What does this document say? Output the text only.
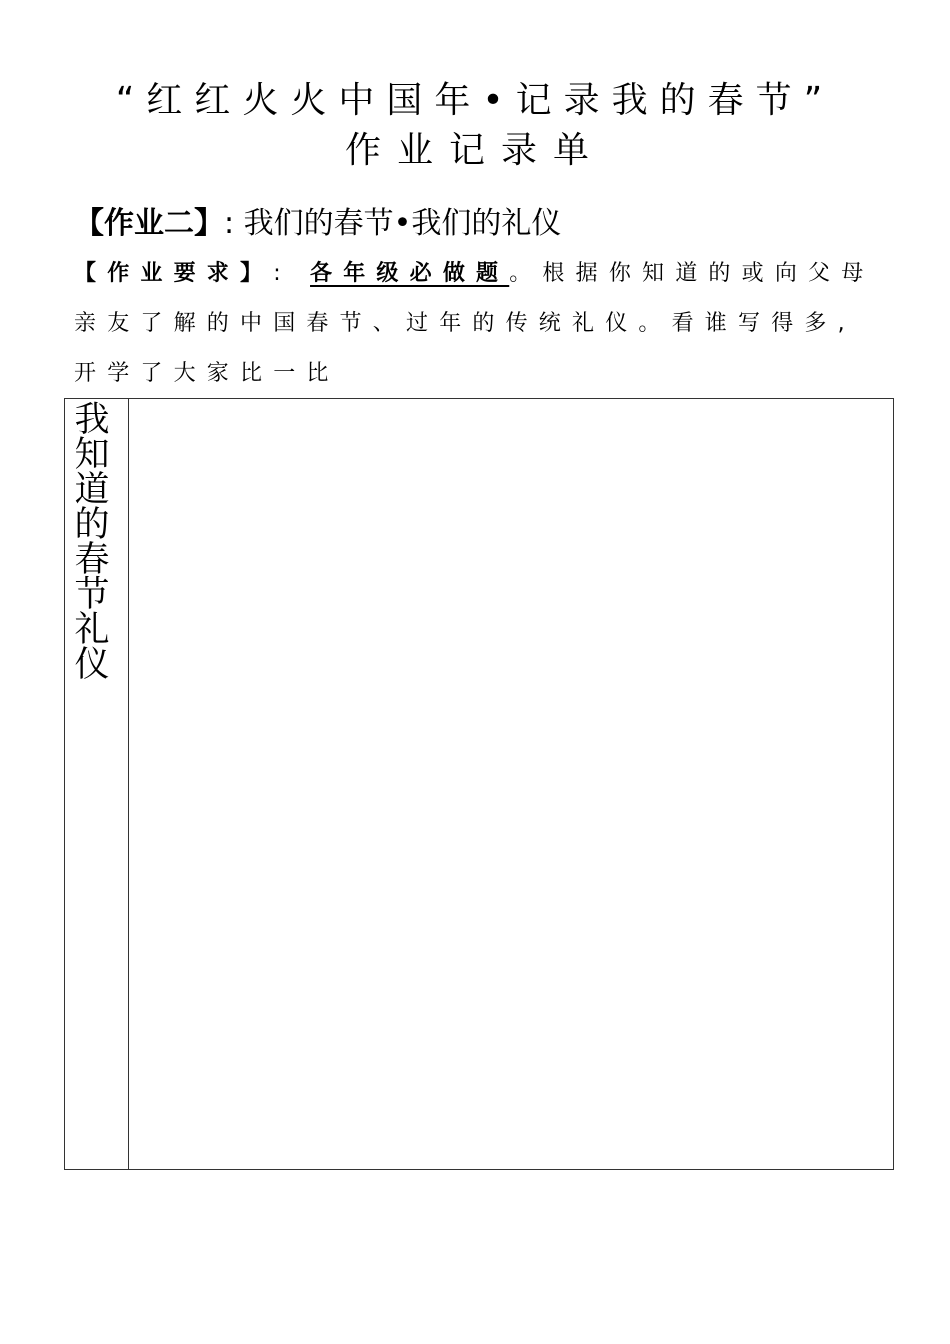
“红红火火中国年•记录我的春节”
作业记录单
【作业二】: 我们的春节•我们的礼仪
【作业要求】: 各年级必做题。根据你知道的或向父母
亲友了解的中国春节、过年的传统礼仪。看谁写得多,
开学了大家比一比
我知道的春节礼仪
